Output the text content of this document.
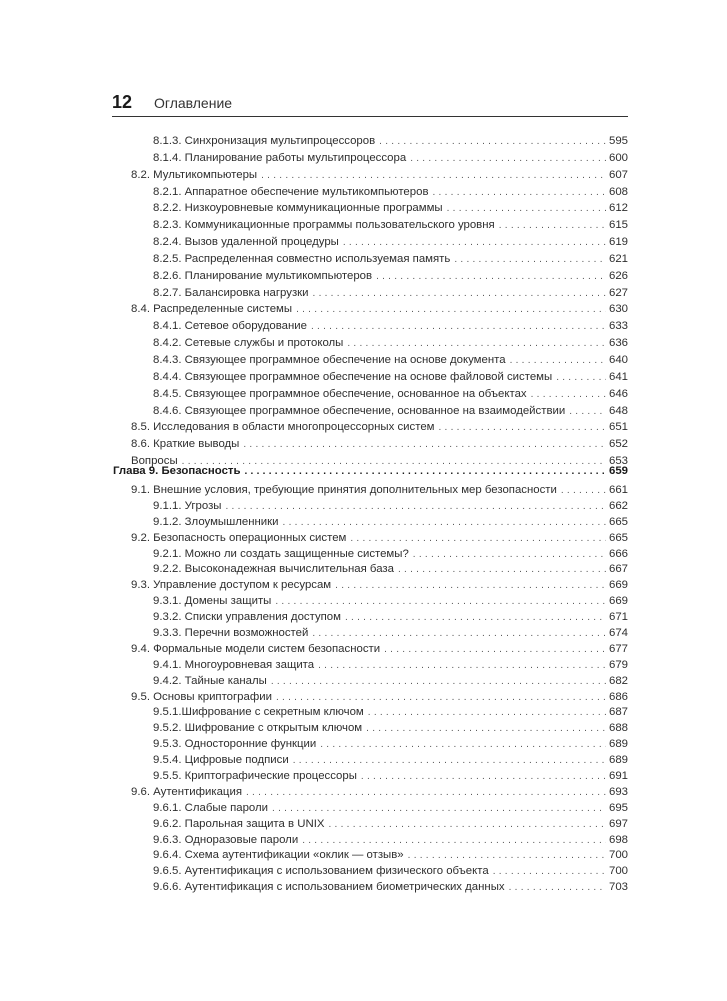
12 Оглавление
8.1.3. Синхронизация мультипроцессоров . . .	595
8.1.4. Планирование работы мультипроцессора . . .	600
8.2. Мультикомпьютеры . . .	607
8.2.1. Аппаратное обеспечение мультикомпьютеров . . .	608
8.2.2. Низкоуровневые коммуникационные программы . . .	612
8.2.3. Коммуникационные программы пользовательского уровня . . .	615
8.2.4. Вызов удаленной процедуры . . .	619
8.2.5. Распределенная совместно используемая память . . .	621
8.2.6. Планирование мультикомпьютеров . . .	626
8.2.7. Балансировка нагрузки . . .	627
8.4. Распределенные системы . . .	630
8.4.1. Сетевое оборудование . . .	633
8.4.2. Сетевые службы и протоколы . . .	636
8.4.3. Связующее программное обеспечение на основе документа . . .	640
8.4.4. Связующее программное обеспечение на основе файловой системы . . .	641
8.4.5. Связующее программное обеспечение, основанное на объектах . . .	646
8.4.6. Связующее программное обеспечение, основанное на взаимодействии . . .	648
8.5. Исследования в области многопроцессорных систем . . .	651
8.6. Краткие выводы . . .	652
Вопросы . . .	653
Глава 9. Безопасность . . .	659
9.1. Внешние условия, требующие принятия дополнительных мер безопасности . . .	661
9.1.1. Угрозы . . .	662
9.1.2. Злоумышленники . . .	665
9.2. Безопасность операционных систем . . .	665
9.2.1. Можно ли создать защищенные системы? . . .	666
9.2.2. Высоконадежная вычислительная база . . .	667
9.3. Управление доступом к ресурсам . . .	669
9.3.1. Домены защиты . . .	669
9.3.2. Списки управления доступом . . .	671
9.3.3. Перечни возможностей . . .	674
9.4. Формальные модели систем безопасности . . .	677
9.4.1. Многоуровневая защита . . .	679
9.4.2. Тайные каналы . . .	682
9.5. Основы криптографии . . .	686
9.5.1.Шифрование с секретным ключом . . .	687
9.5.2. Шифрование с открытым ключом . . .	688
9.5.3. Односторонние функции . . .	689
9.5.4. Цифровые подписи . . .	689
9.5.5. Криптографические процессоры . . .	691
9.6. Аутентификация . . .	693
9.6.1. Слабые пароли . . .	695
9.6.2. Парольная защита в UNIX . . .	697
9.6.3. Одноразовые пароли . . .	698
9.6.4. Схема аутентификации «оклик — отзыв» . . .	700
9.6.5. Аутентификация с использованием физического объекта . . .	700
9.6.6. Аутентификация с использованием биометрических данных . . .	703
